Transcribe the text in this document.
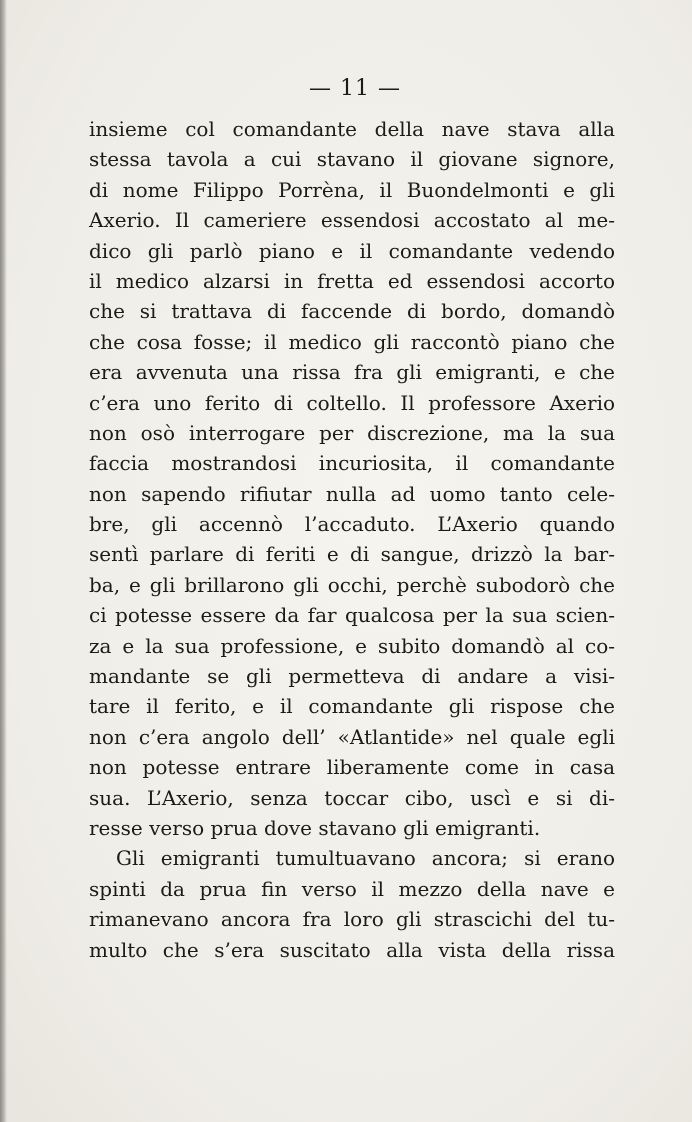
— 11 —
insieme col comandante della nave stava alla
stessa tavola a cui stavano il giovane signore,
di nome Filippo Porrèna, il Buondelmonti e gli
Axerio. Il cameriere essendosi accostato al me-
dico gli parlò piano e il comandante vedendo
il medico alzarsi in fretta ed essendosi accorto
che si trattava di faccende di bordo, domandò
che cosa fosse; il medico gli raccontò piano che
era avvenuta una rissa fra gli emigranti, e che
c’era uno ferito di coltello. Il professore Axerio
non osò interrogare per discrezione, ma la sua
faccia mostrandosi incuriosita, il comandante
non sapendo rifiutar nulla ad uomo tanto cele-
bre, gli accennò l’accaduto. L’Axerio quando
sentì parlare di feriti e di sangue, drizzò la bar-
ba, e gli brillarono gli occhi, perchè subodorò che
ci potesse essere da far qualcosa per la sua scien-
za e la sua professione, e subito domandò al co-
mandante se gli permetteva di andare a visi-
tare il ferito, e il comandante gli rispose che
non c’era angolo dell’ «Atlantide» nel quale egli
non potesse entrare liberamente come in casa
sua. L’Axerio, senza toccar cibo, uscì e si di-
resse verso prua dove stavano gli emigranti.
Gli emigranti tumultuavano ancora; si erano
spinti da prua fin verso il mezzo della nave e
rimanevano ancora fra loro gli strascichi del tu-
multo che s’era suscitato alla vista della rissa
